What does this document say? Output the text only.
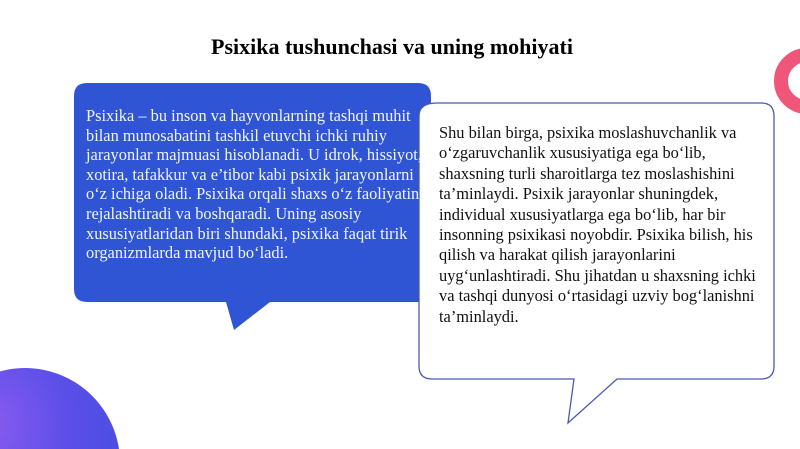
Psixika tushunchasi va uning mohiyati

Psixika – bu inson va hayvonlarning tashqi muhit bilan munosabatini tashkil etuvchi ichki ruhiy jarayonlar majmuasi hisoblanadi. U idrok, hissiyot, xotira, tafakkur va e’tibor kabi psixik jarayonlarni o‘z ichiga oladi. Psixika orqali shaxs o‘z faoliyatini rejalashtiradi va boshqaradi. Uning asosiy xususiyatlaridan biri shundaki, psixika faqat tirik organizmlarda mavjud bo‘ladi.

Shu bilan birga, psixika moslashuvchanlik va o‘zgaruvchanlik xususiyatiga ega bo‘lib, shaxsning turli sharoitlarga tez moslashishini ta’minlaydi. Psixik jarayonlar shuningdek, individual xususiyatlarga ega bo‘lib, har bir insonning psixikasi noyobdir. Psixika bilish, his qilish va harakat qilish jarayonlarini uyg‘unlashtiradi. Shu jihatdan u shaxsning ichki va tashqi dunyosi o‘rtasidagi uzviy bog‘lanishni ta’minlaydi.
